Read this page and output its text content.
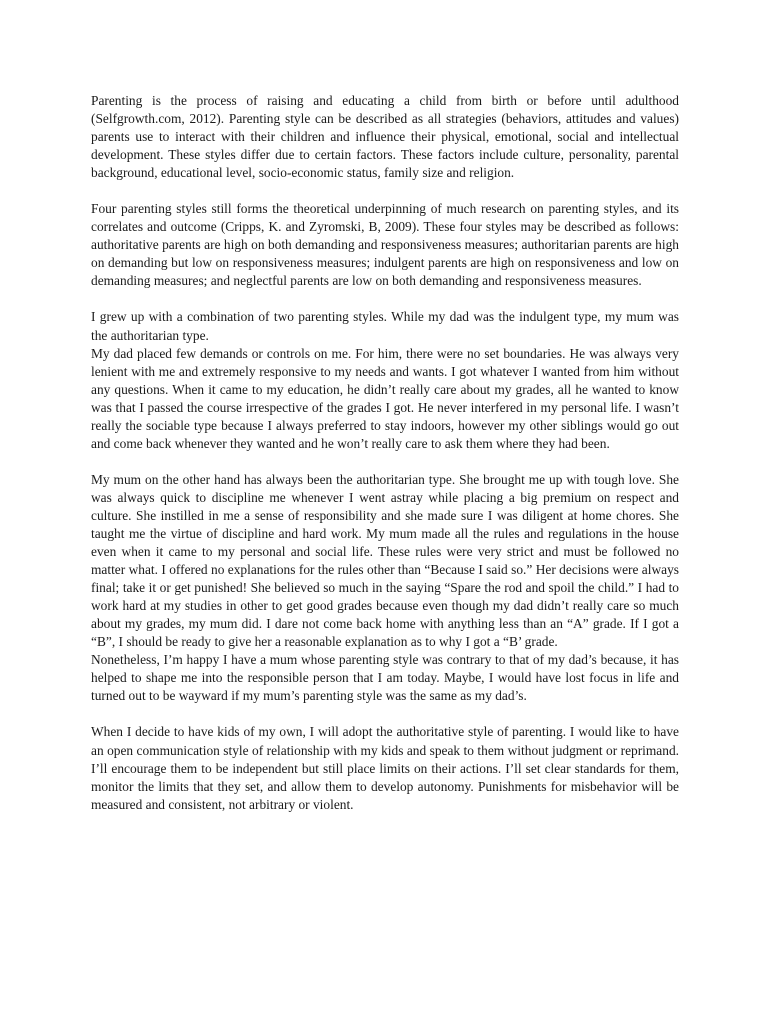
Parenting is the process of raising and educating a child from birth or before until adulthood (Selfgrowth.com, 2012). Parenting style can be described as all strategies (behaviors, attitudes and values) parents use to interact with their children and influence their physical, emotional, social and intellectual development. These styles differ due to certain factors. These factors include culture, personality, parental background, educational level, socio-economic status, family size and religion.

Four parenting styles still forms the theoretical underpinning of much research on parenting styles, and its correlates and outcome (Cripps, K. and Zyromski, B, 2009). These four styles may be described as follows: authoritative parents are high on both demanding and responsiveness measures; authoritarian parents are high on demanding but low on responsiveness measures; indulgent parents are high on responsiveness and low on demanding measures; and neglectful parents are low on both demanding and responsiveness measures.

I grew up with a combination of two parenting styles. While my dad was the indulgent type, my mum was the authoritarian type.

My dad placed few demands or controls on me. For him, there were no set boundaries. He was always very lenient with me and extremely responsive to my needs and wants. I got whatever I wanted from him without any questions. When it came to my education, he didn’t really care about my grades, all he wanted to know was that I passed the course irrespective of the grades I got. He never interfered in my personal life. I wasn’t really the sociable type because I always preferred to stay indoors, however my other siblings would go out and come back whenever they wanted and he won’t really care to ask them where they had been.

My mum on the other hand has always been the authoritarian type. She brought me up with tough love. She was always quick to discipline me whenever I went astray while placing a big premium on respect and culture. She instilled in me a sense of responsibility and she made sure I was diligent at home chores. She taught me the virtue of discipline and hard work. My mum made all the rules and regulations in the house even when it came to my personal and social life. These rules were very strict and must be followed no matter what. I offered no explanations for the rules other than “Because I said so.” Her decisions were always final; take it or get punished! She believed so much in the saying “Spare the rod and spoil the child.” I had to work hard at my studies in other to get good grades because even though my dad didn’t really care so much about my grades, my mum did. I dare not come back home with anything less than an “A” grade. If I got a “B”, I should be ready to give her a reasonable explanation as to why I got a “B’ grade.

Nonetheless, I’m happy I have a mum whose parenting style was contrary to that of my dad’s because, it has helped to shape me into the responsible person that I am today. Maybe, I would have lost focus in life and turned out to be wayward if my mum’s parenting style was the same as my dad’s.

When I decide to have kids of my own, I will adopt the authoritative style of parenting. I would like to have an open communication style of relationship with my kids and speak to them without judgment or reprimand. I’ll encourage them to be independent but still place limits on their actions. I’ll set clear standards for them, monitor the limits that they set, and allow them to develop autonomy. Punishments for misbehavior will be measured and consistent, not arbitrary or violent.
